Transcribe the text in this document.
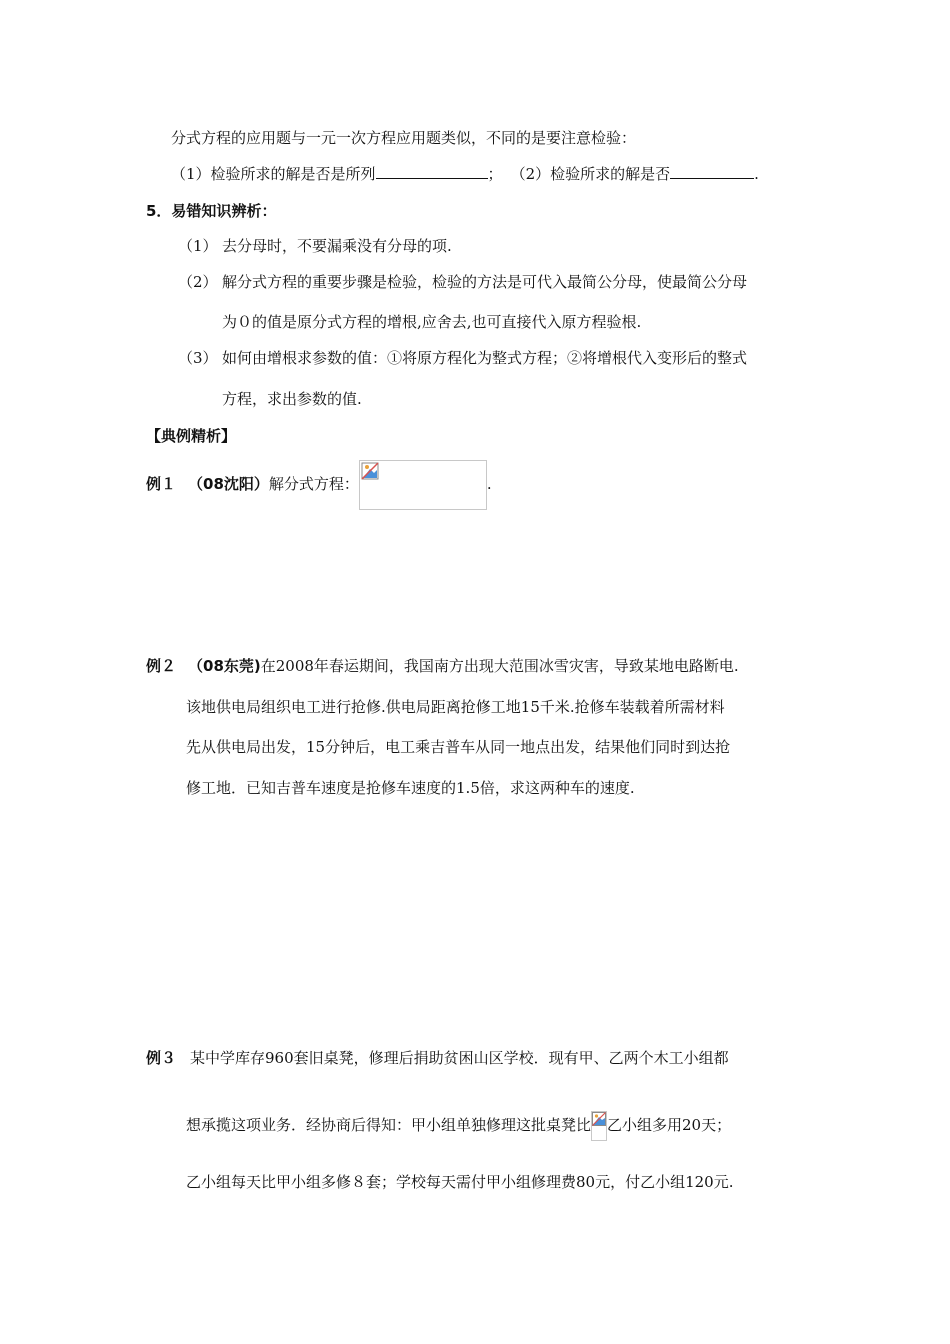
分式方程的应用题与一元一次方程应用题类似，不同的是要注意检验：
（1）检验所求的解是否是所列	； （2）检验所求的解是否	.
5．易错知识辨析：
（1） 去分母时，不要漏乘没有分母的项.
（2） 解分式方程的重要步骤是检验，检验的方法是可代入最简公分母，使最简公分母
为０的值是原分式方程的增根,应舍去,也可直接代入原方程验根.
（3） 如何由增根求参数的值：①将原方程化为整式方程；②将增根代入变形后的整式
方程，求出参数的值.
【典例精析】
例１ （08沈阳）解分式方程：	.
例２ （08东莞)在2008年春运期间，我国南方出现大范围冰雪灾害，导致某地电路断电.
该地供电局组织电工进行抢修.供电局距离抢修工地15千米.抢修车装载着所需材料
先从供电局出发，15分钟后，电工乘吉普车从同一地点出发，结果他们同时到达抢
修工地．已知吉普车速度是抢修车速度的1.5倍，求这两种车的速度.
例３ 某中学库存960套旧桌凳，修理后捐助贫困山区学校．现有甲、乙两个木工小组都
想承揽这项业务．经协商后得知：甲小组单独修理这批桌凳比 乙小组多用20天；
乙小组每天比甲小组多修８套；学校每天需付甲小组修理费80元，付乙小组120元.
